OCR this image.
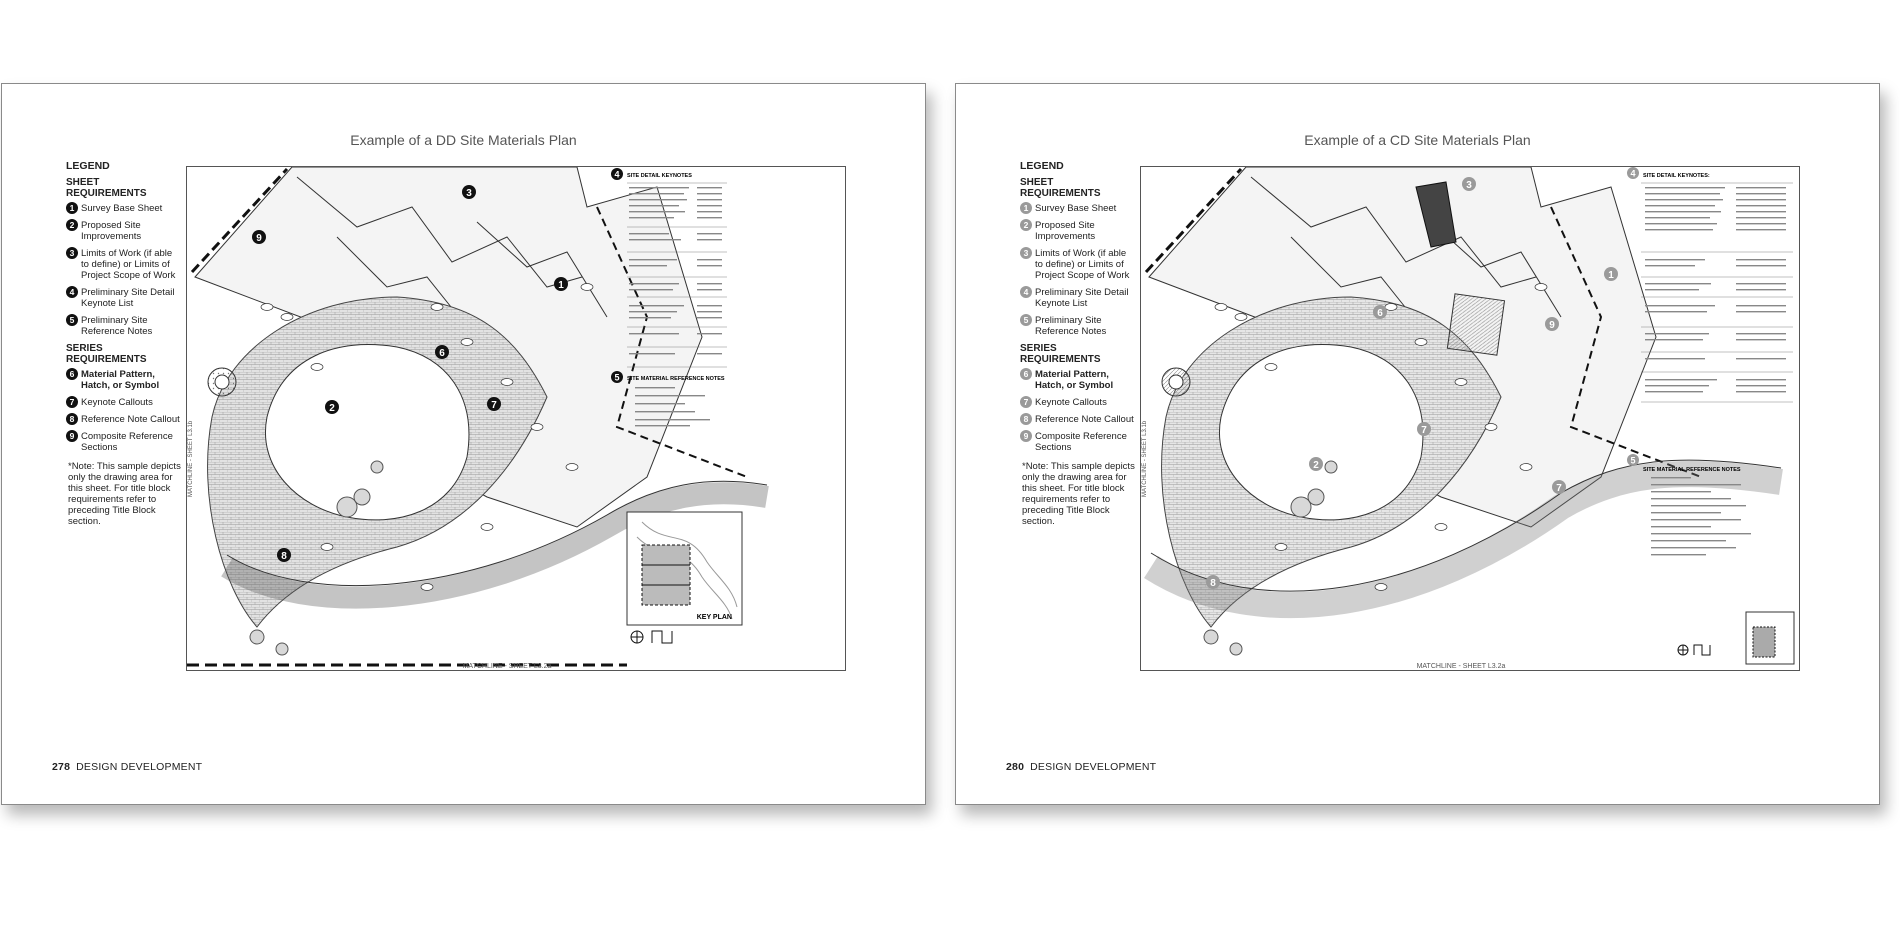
Example of a DD Site Materials Plan
LEGEND
SHEET REQUIREMENTS
1 Survey Base Sheet
2 Proposed Site Improvements
3 Limits of Work (if able to define) or Limits of Project Scope of Work
4 Preliminary Site Detail Keynote List
5 Preliminary Site Reference Notes
SERIES REQUIREMENTS
6 Material Pattern, Hatch, or Symbol
7 Keynote Callouts
8 Reference Note Callout
9 Composite Reference Sections
*Note: This sample depicts only the drawing area for this sheet. For title block requirements refer to preceding Title Block section.
1
2
3
6
7
8
9
4 SITE DETAIL KEYNOTES
5 SITE MATERIAL REFERENCE NOTES
KEY PLAN
MATCHLINE - SHEET L3.2a
MATCHLINE - SHEET L3.1b
278 DESIGN DEVELOPMENT
Example of a CD Site Materials Plan
LEGEND
SHEET REQUIREMENTS
1 Survey Base Sheet
2 Proposed Site Improvements
3 Limits of Work (if able to define) or Limits of Project Scope of Work
4 Preliminary Site Detail Keynote List
5 Preliminary Site Reference Notes
SERIES REQUIREMENTS
6 Material Pattern, Hatch, or Symbol
7 Keynote Callouts
8 Reference Note Callout
9 Composite Reference Sections
*Note: This sample depicts only the drawing area for this sheet. For title block requirements refer to preceding Title Block section.
1
2
3
6
7
7
8
9
4 SITE DETAIL KEYNOTES:
5
SITE MATERIAL REFERENCE NOTES
MATCHLINE - SHEET L3.2a
MATCHLINE - SHEET L3.1b
280 DESIGN DEVELOPMENT
